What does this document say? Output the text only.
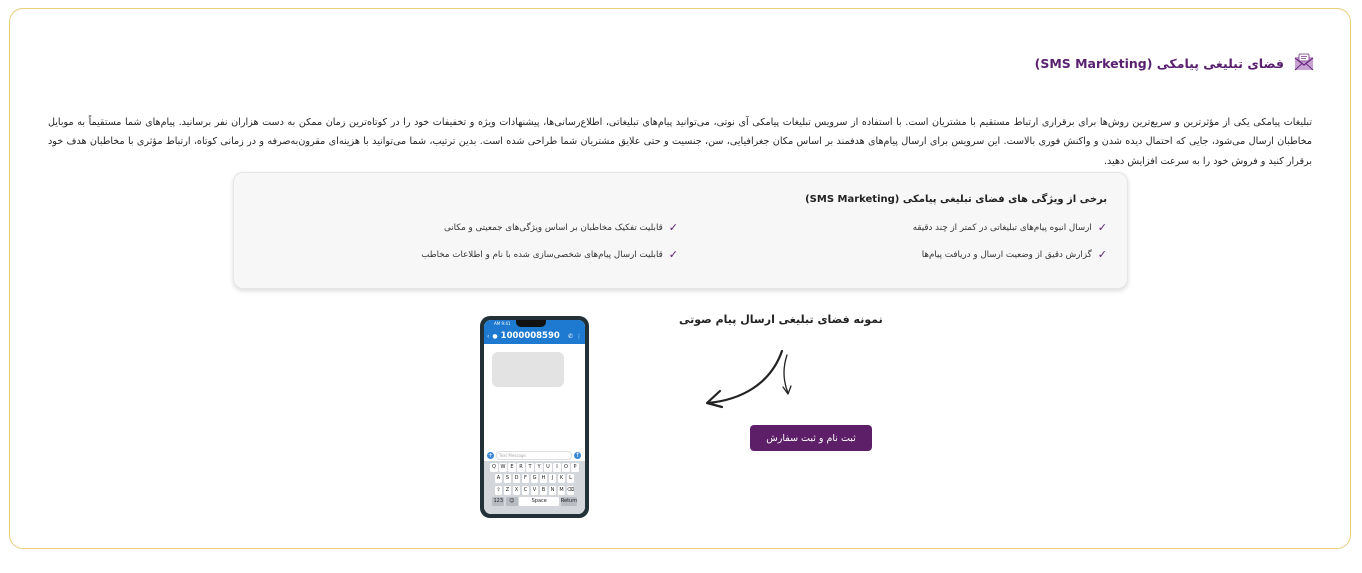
فضای تبلیغی پیامکی (SMS Marketing)

تبلیغات پیامکی یکی از مؤثرترین و سریع‌ترین روش‌ها برای برقراری ارتباط مستقیم با مشتریان است. با استفاده از سرویس تبلیغات پیامکی آی نوتی، می‌توانید پیام‌های تبلیغاتی، اطلاع‌رسانی‌ها، پیشنهادات ویژه و تخفیفات خود را در کوتاه‌ترین زمان ممکن به دست هزاران نفر برسانید. پیام‌های شما مستقیماً به موبایل مخاطبان ارسال می‌شود، جایی که احتمال دیده شدن و واکنش فوری بالاست. این سرویس برای ارسال پیام‌های هدفمند بر اساس مکان جغرافیایی، سن، جنسیت و حتی علایق مشتریان شما طراحی شده است. بدین ترتیب، شما می‌توانید با هزینه‌ای مقرون‌به‌صرفه و در زمانی کوتاه، ارتباط مؤثری با مخاطبان هدف خود برقرار کنید و فروش خود را به سرعت افزایش دهید.

برخی از ویژگی های فضای تبلیغی پیامکی (SMS Marketing)
✓
ارسال انبوه پیام‌های تبلیغاتی در کمتر از چند دقیقه
✓
قابلیت تفکیک مخاطبان بر اساس ویژگی‌های جمعیتی و مکانی
✓
گزارش دقیق از وضعیت ارسال و دریافت پیام‌ها
✓
قابلیت ارسال پیام‌های شخصی‌سازی شده با نام و اطلاعات مخاطب
نمونه فضای تبلیغی ارسال پیام صوتی
ثبت نام و ثبت سفارش
9:41 AM
‹ ● 1000008590 ✆ ⋮
+	Text Message	↑
Q W E	R	T	Y	U	I	O	P
A	S	D	F	G	H	J	K	L
⇧	Z	X	C	V	B	N M ⌫
123	☺	Space	Return
